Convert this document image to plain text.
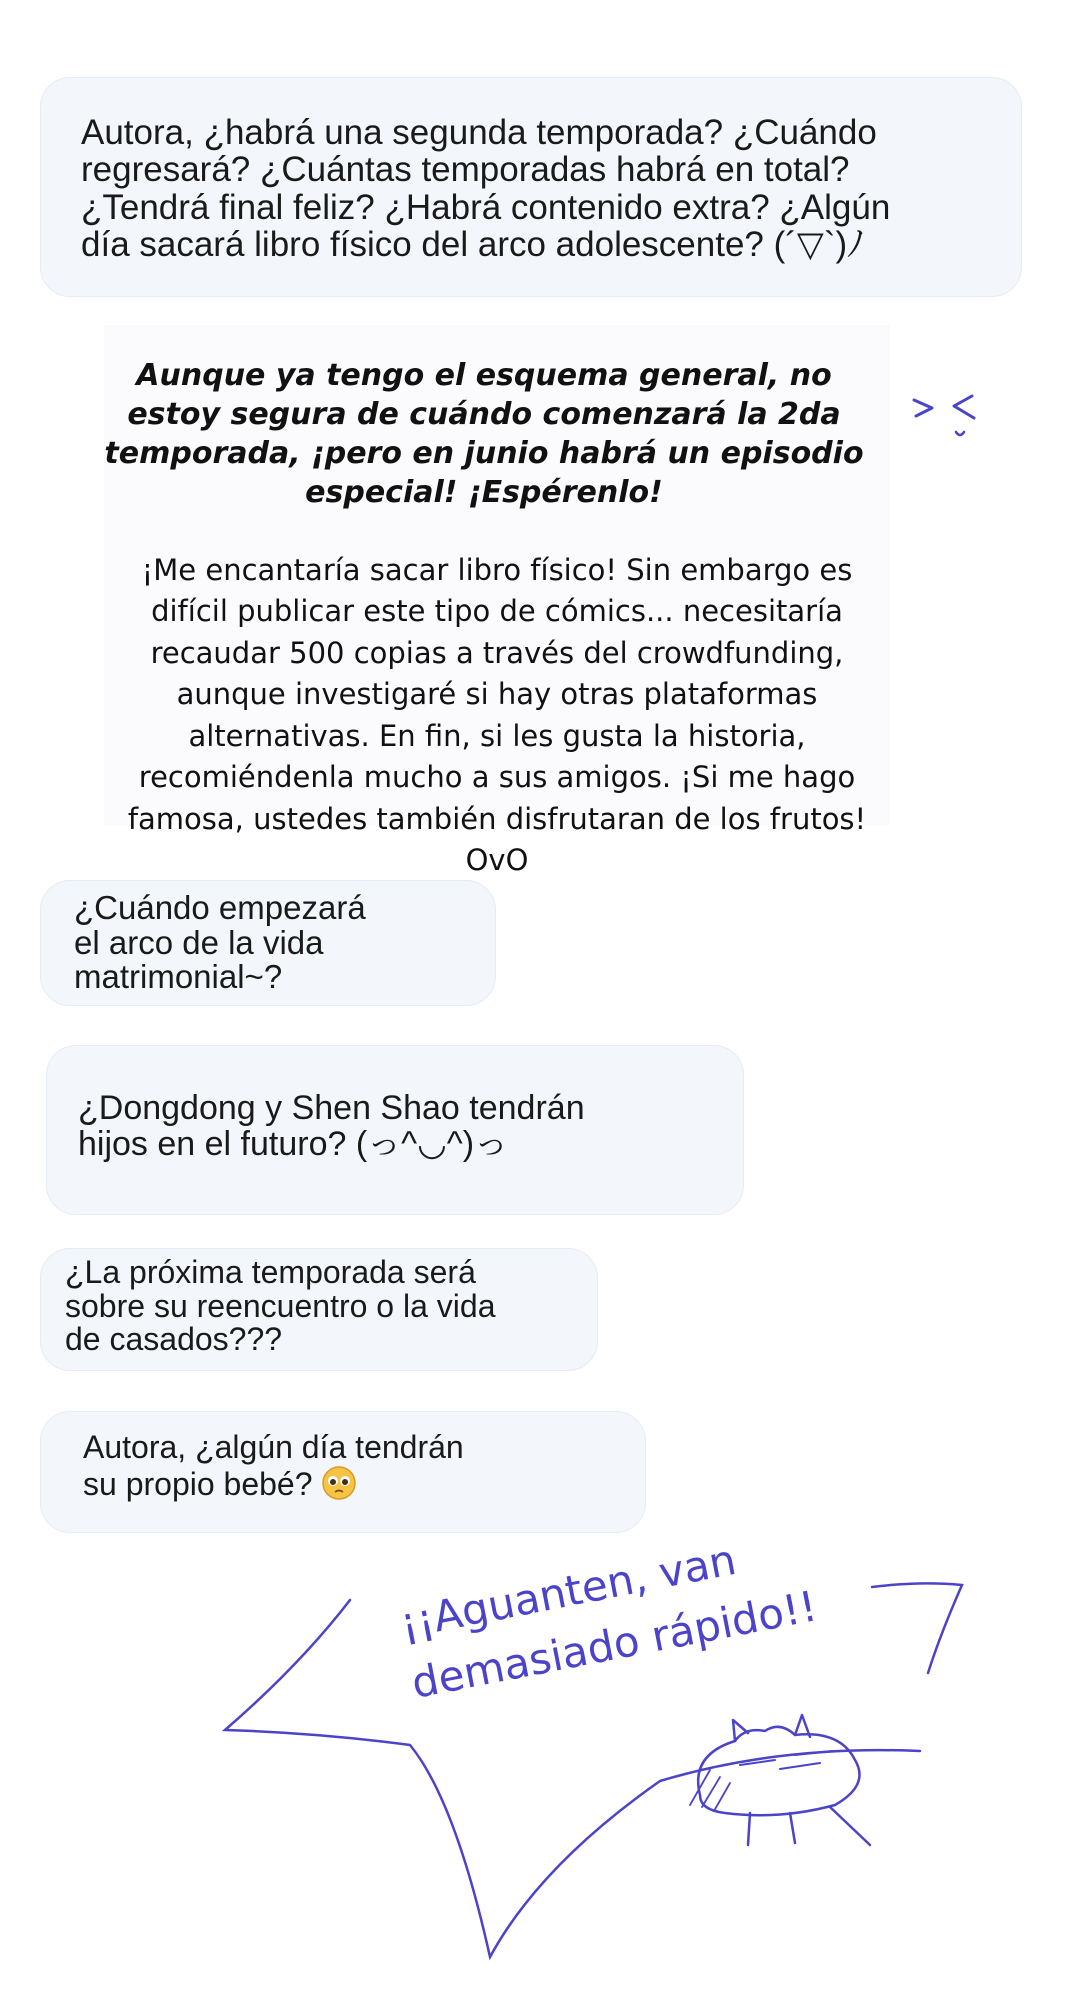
Autora, ¿habrá una segunda temporada? ¿Cuándo
regresará? ¿Cuántas temporadas habrá en total?
¿Tendrá final feliz? ¿Habrá contenido extra? ¿Algún
día sacará libro físico del arco adolescente? (´▽`)ﾉ
Aunque ya tengo el esquema general, no estoy segura de cuándo comenzará la 2da temporada, ¡pero en junio habrá un episodio especial! ¡Espérenlo!
¡Me encantaría sacar libro físico! Sin embargo es difícil publicar este tipo de cómics... necesitaría recaudar 500 copias a través del crowdfunding, aunque investigaré si hay otras plataformas alternativas. En fin, si les gusta la historia, recomiéndenla mucho a sus amigos. ¡Si me hago famosa, ustedes también disfrutaran de los frutos! OvO
¿Cuándo empezará
el arco de la vida
matrimonial~?
¿Dongdong y Shen Shao tendrán
hijos en el futuro? (っ^◡^)っ
¿La próxima temporada será
sobre su reencuentro o la vida
de casados???
Autora, ¿algún día tendrán
su propio bebé?
¡¡Aguanten, van
demasiado rápido!!
